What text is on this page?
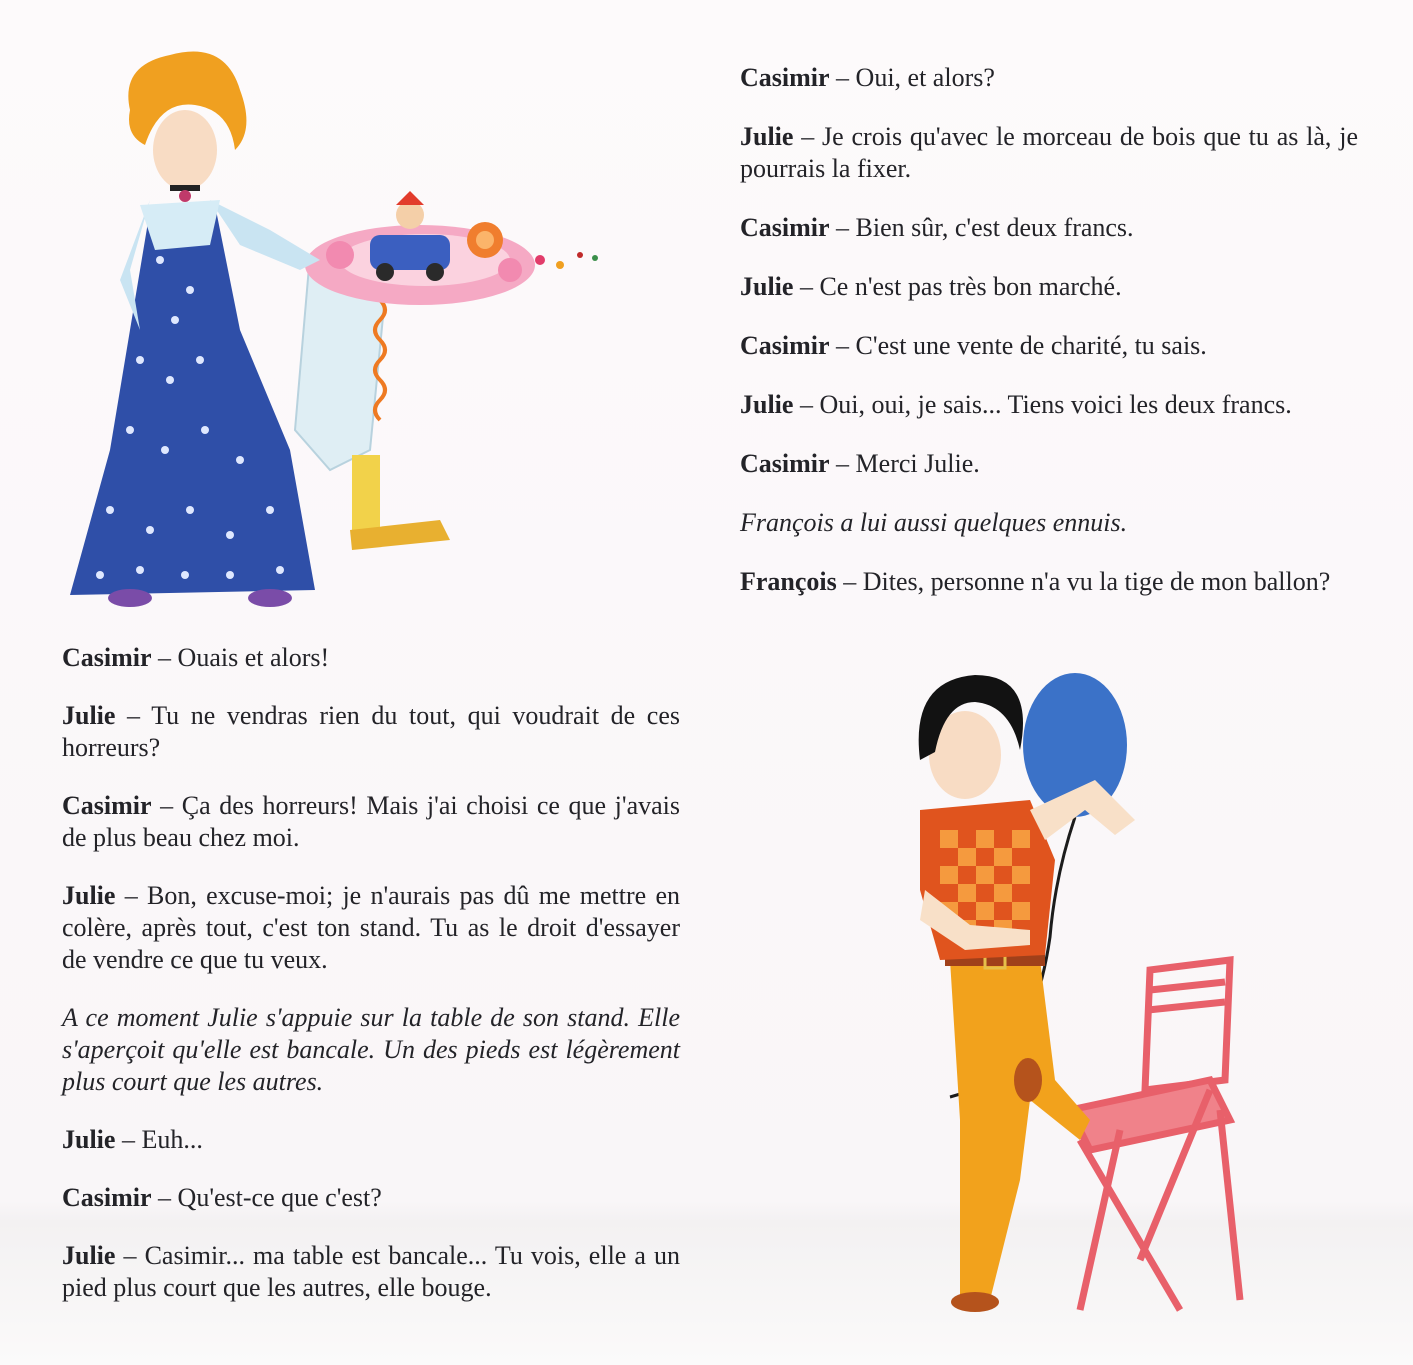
Casimir – Ouais et alors!

Julie – Tu ne vendras rien du tout, qui voudrait de ces horreurs?

Casimir – Ça des horreurs! Mais j'ai choisi ce que j'avais de plus beau chez moi.

Julie – Bon, excuse-moi; je n'aurais pas dû me mettre en colère, après tout, c'est ton stand. Tu as le droit d'essayer de vendre ce que tu veux.

A ce moment Julie s'appuie sur la table de son stand. Elle s'aperçoit qu'elle est bancale. Un des pieds est légèrement plus court que les autres.

Julie – Euh...

Casimir – Qu'est-ce que c'est?

Julie – Casimir... ma table est bancale... Tu vois, elle a un pied plus court que les autres, elle bouge.

Casimir – Oui, et alors?

Julie – Je crois qu'avec le morceau de bois que tu as là, je pourrais la fixer.

Casimir – Bien sûr, c'est deux francs.

Julie – Ce n'est pas très bon marché.

Casimir – C'est une vente de charité, tu sais.

Julie – Oui, oui, je sais... Tiens voici les deux francs.

Casimir – Merci Julie.

François a lui aussi quelques ennuis.

François – Dites, personne n'a vu la tige de mon ballon?
